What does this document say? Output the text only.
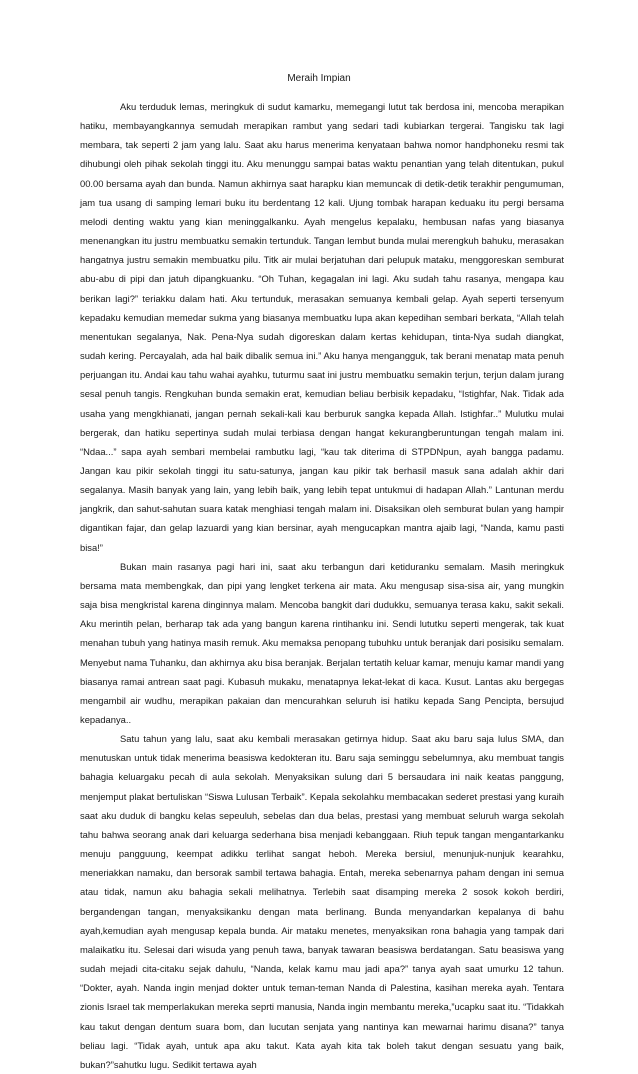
Meraih Impian

Aku terduduk lemas, meringkuk di sudut kamarku, memegangi lutut tak berdosa ini, mencoba merapikan hatiku, membayangkannya semudah merapikan rambut yang sedari tadi kubiarkan tergerai. Tangisku tak lagi membara, tak seperti 2 jam yang lalu. Saat aku harus menerima kenyataan bahwa nomor handphoneku resmi tak dihubungi oleh pihak sekolah tinggi itu. Aku menunggu sampai batas waktu penantian yang telah ditentukan, pukul 00.00 bersama ayah dan bunda. Namun akhirnya saat harapku kian memuncak di detik-detik terakhir pengumuman, jam tua usang di samping lemari buku itu berdentang 12 kali. Ujung tombak harapan keduaku itu pergi bersama melodi denting waktu yang kian meninggalkanku. Ayah mengelus kepalaku, hembusan nafas yang biasanya menenangkan itu justru membuatku semakin tertunduk. Tangan lembut bunda mulai merengkuh bahuku, merasakan hangatnya justru semakin membuatku pilu. Titk air mulai berjatuhan dari pelupuk mataku, menggoreskan semburat abu-abu di pipi dan jatuh dipangkuanku. “Oh Tuhan, kegagalan ini lagi. Aku sudah tahu rasanya, mengapa kau berikan lagi?” teriakku dalam hati. Aku tertunduk, merasakan semuanya kembali gelap. Ayah seperti tersenyum kepadaku kemudian memedar sukma yang biasanya membuatku lupa akan kepedihan sembari berkata, “Allah telah menentukan segalanya, Nak. Pena-Nya sudah digoreskan dalam kertas kehidupan, tinta-Nya sudah diangkat, sudah kering. Percayalah, ada hal baik dibalik semua ini.” Aku hanya mengangguk, tak berani menatap mata penuh perjuangan itu. Andai kau tahu wahai ayahku, tuturmu saat ini justru membuatku semakin terjun, terjun dalam jurang sesal penuh tangis. Rengkuhan bunda semakin erat, kemudian beliau berbisik kepadaku, “Istighfar, Nak. Tidak ada usaha yang mengkhianati, jangan pernah sekali-kali kau berburuk sangka kepada Allah. Istighfar..” Mulutku mulai bergerak, dan hatiku sepertinya sudah mulai terbiasa dengan hangat kekurangberuntungan tengah malam ini. “Ndaa...” sapa ayah sembari membelai rambutku lagi, “kau tak diterima di STPDNpun, ayah bangga padamu. Jangan kau pikir sekolah tinggi itu satu-satunya, jangan kau pikir tak berhasil masuk sana adalah akhir dari segalanya. Masih banyak yang lain, yang lebih baik, yang lebih tepat untukmui di hadapan Allah.” Lantunan merdu jangkrik, dan sahut-sahutan suara katak menghiasi tengah malam ini. Disaksikan oleh semburat bulan yang hampir digantikan fajar, dan gelap lazuardi yang kian bersinar, ayah mengucapkan mantra ajaib lagi, “Nanda, kamu pasti bisa!”

Bukan main rasanya pagi hari ini, saat aku terbangun dari ketiduranku semalam. Masih meringkuk bersama mata membengkak, dan pipi yang lengket terkena air mata. Aku mengusap sisa-sisa air, yang mungkin saja bisa mengkristal karena dinginnya malam. Mencoba bangkit dari dudukku, semuanya terasa kaku, sakit sekali. Aku merintih pelan, berharap tak ada yang bangun karena rintihanku ini. Sendi lututku seperti mengerak, tak kuat menahan tubuh yang hatinya masih remuk. Aku memaksa penopang tubuhku untuk beranjak dari posisiku semalam. Menyebut nama Tuhanku, dan akhirnya aku bisa beranjak. Berjalan tertatih keluar kamar, menuju kamar mandi yang biasanya ramai antrean saat pagi. Kubasuh mukaku, menatapnya lekat-lekat di kaca. Kusut. Lantas aku bergegas mengambil air wudhu, merapikan pakaian dan mencurahkan seluruh isi hatiku kepada Sang Pencipta, bersujud kepadanya..

Satu tahun yang lalu, saat aku kembali merasakan getirnya hidup. Saat aku baru saja lulus SMA, dan menutuskan untuk tidak menerima beasiswa kedokteran itu. Baru saja seminggu sebelumnya, aku membuat tangis bahagia keluargaku pecah di aula sekolah. Menyaksikan sulung dari 5 bersaudara ini naik keatas panggung, menjemput plakat bertuliskan “Siswa Lulusan Terbaik”. Kepala sekolahku membacakan sederet prestasi yang kuraih saat aku duduk di bangku kelas sepeuluh, sebelas dan dua belas, prestasi yang membuat seluruh warga sekolah tahu bahwa seorang anak dari keluarga sederhana bisa menjadi kebanggaan. Riuh tepuk tangan mengantarkanku menuju pangguung, keempat adikku terlihat sangat heboh. Mereka bersiul, menunjuk-nunjuk kearahku, meneriakkan namaku, dan bersorak sambil tertawa bahagia. Entah, mereka sebenarnya paham dengan ini semua atau tidak, namun aku bahagia sekali melihatnya. Terlebih saat disamping mereka 2 sosok kokoh berdiri, bergandengan tangan, menyaksikanku dengan mata berlinang. Bunda menyandarkan kepalanya di bahu ayah,kemudian ayah mengusap kepala bunda. Air mataku menetes, menyaksikan rona bahagia yang tampak dari malaikatku itu. Selesai dari wisuda yang penuh tawa, banyak tawaran beasiswa berdatangan. Satu beasiswa yang sudah mejadi cita-citaku sejak dahulu, “Nanda, kelak kamu mau jadi apa?” tanya ayah saat umurku 12 tahun. “Dokter, ayah. Nanda ingin menjad dokter untuk teman-teman Nanda di Palestina, kasihan mereka ayah. Tentara zionis Israel tak memperlakukan mereka seprti manusia, Nanda ingin membantu mereka,”ucapku saat itu. “Tidakkah kau takut dengan dentum suara bom, dan lucutan senjata yang nantinya kan mewarnai harimu disana?” tanya beliau lagi. “Tidak ayah, untuk apa aku takut. Kata ayah kita tak boleh takut dengan sesuatu yang baik, bukan?”sahutku lugu. Sedikit tertawa ayah
